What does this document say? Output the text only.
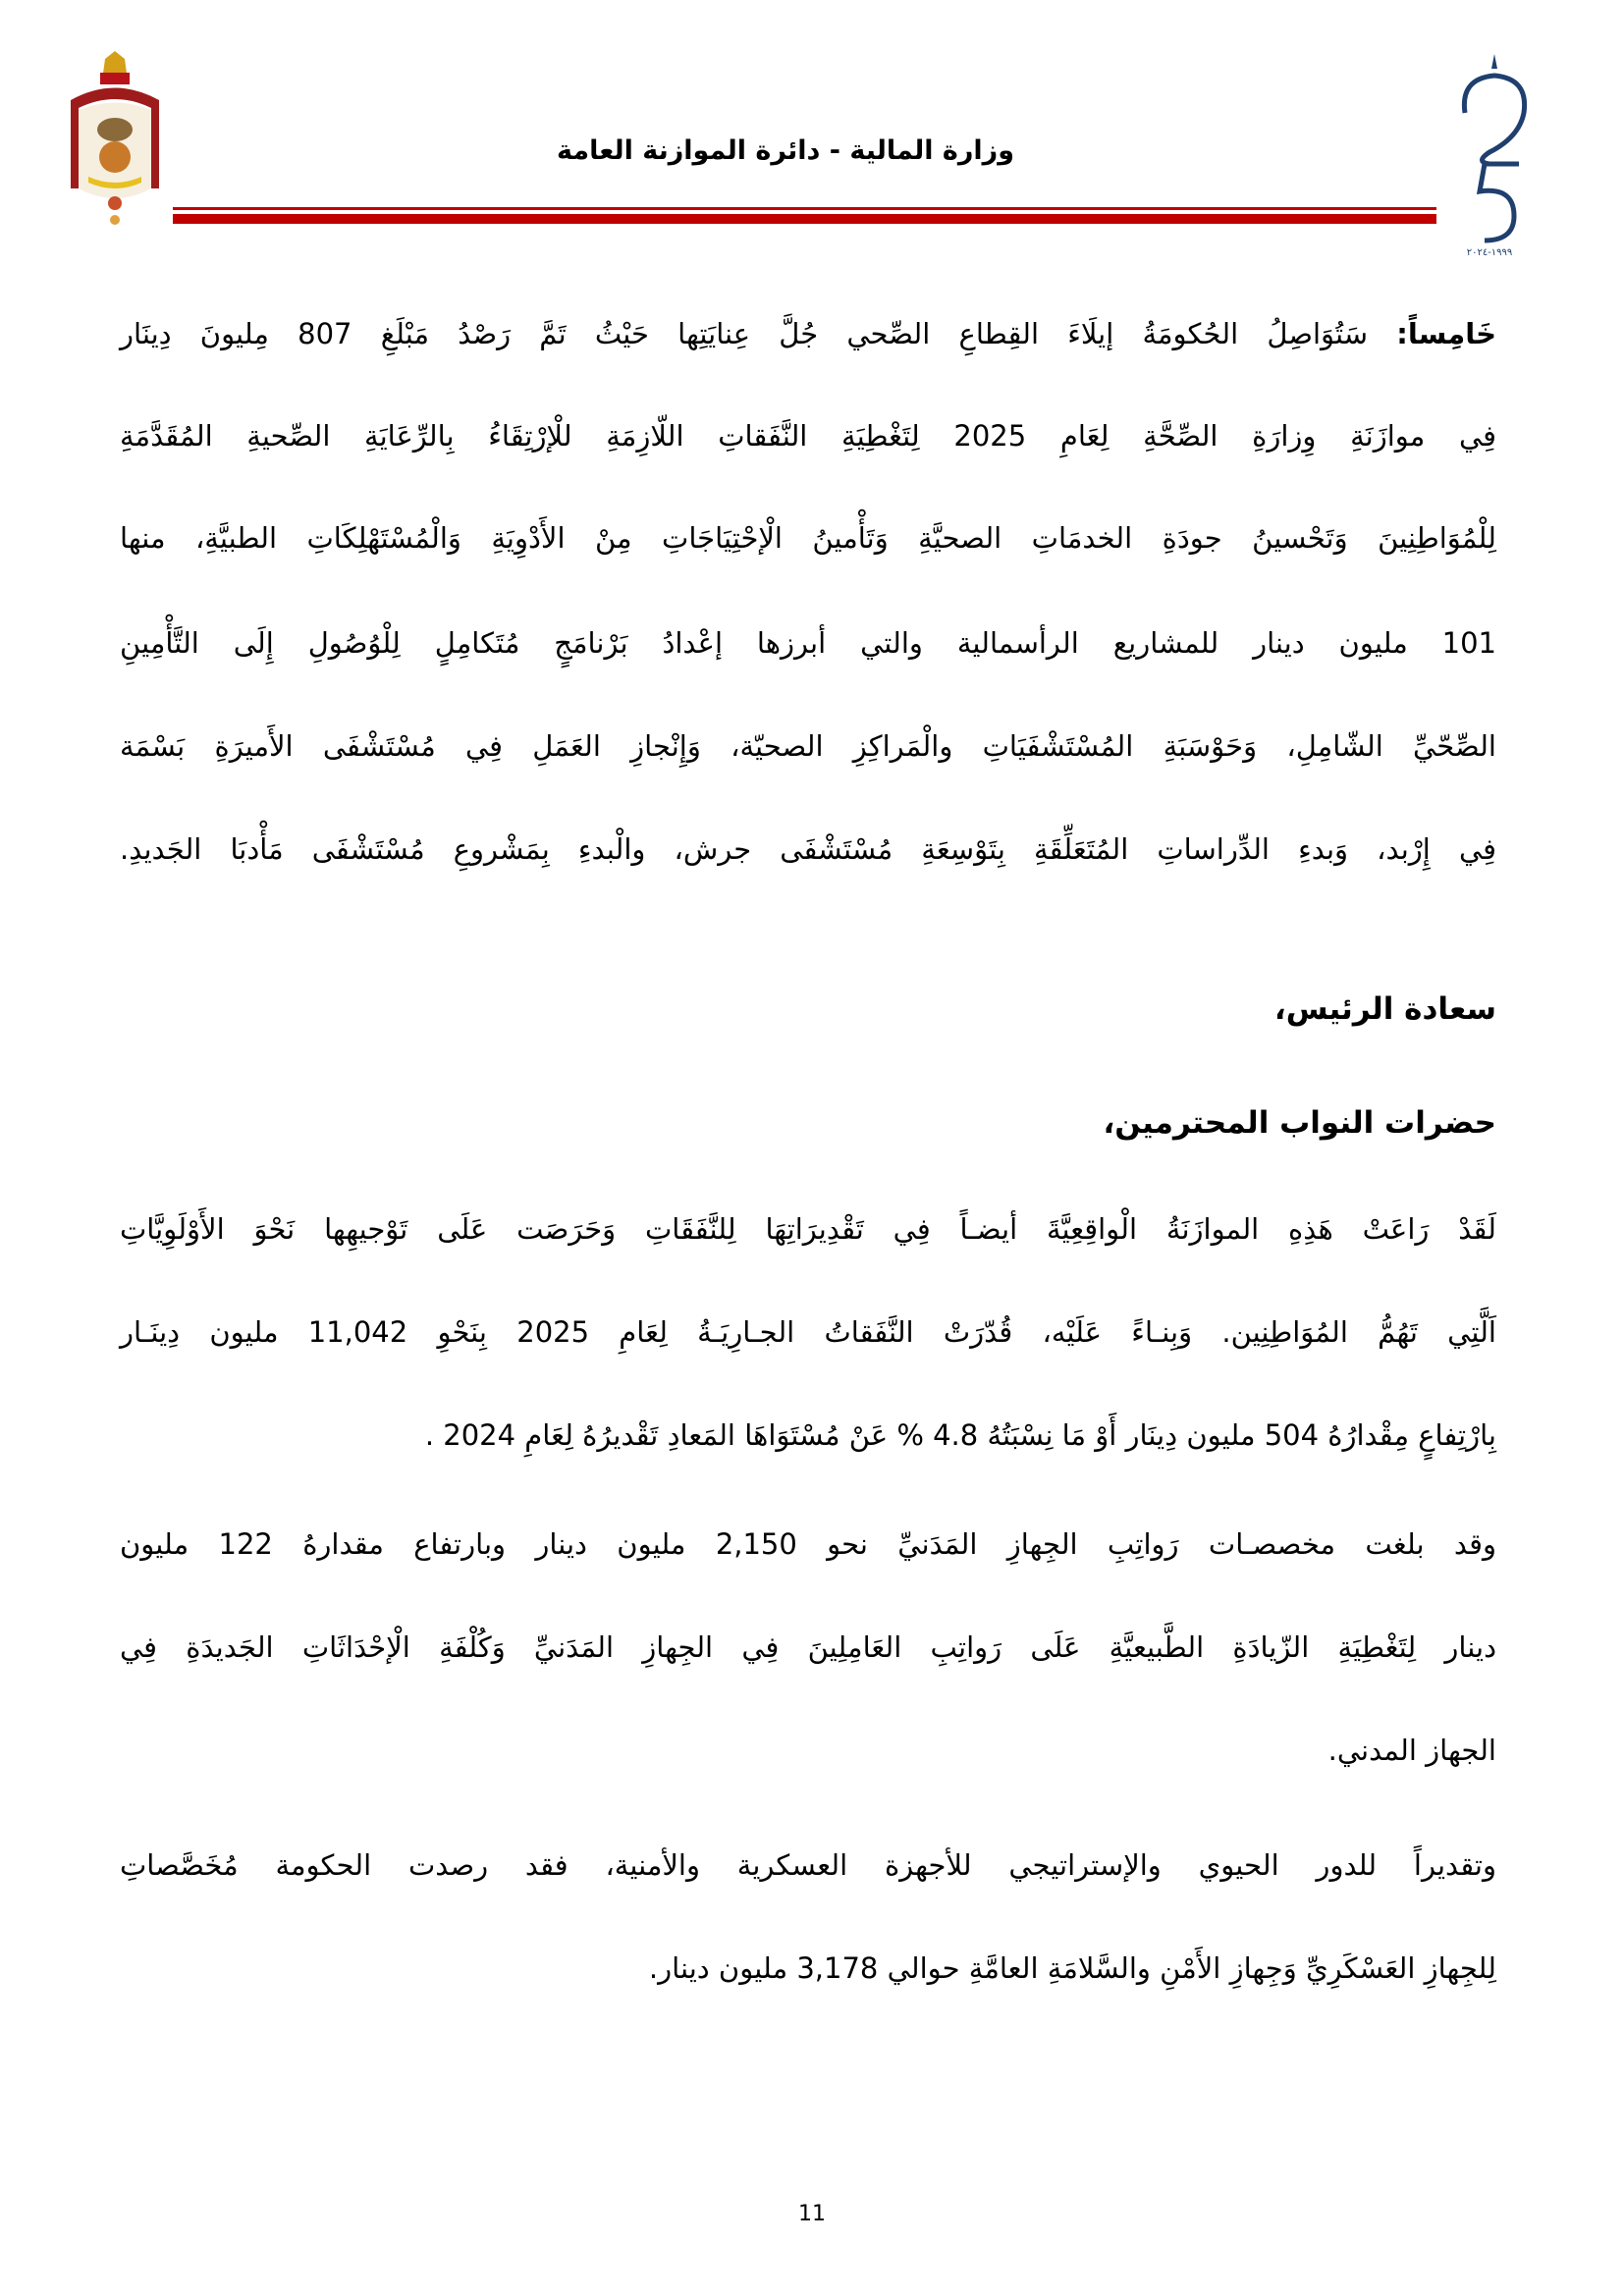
وزارة المالية - دائرة الموازنة العامة
١٩٩٩-٢٠٢٤
خَامِساً: سَتُوَاصِلُ الحُكومَةُ إيلَاءَ القِطاعِ الصِّحي جُلَّ عِنايَتِها حَيْثُ تَمَّ رَصْدُ مَبْلَغِ 807 مِليونَ دِينَار
فِي موازَنَةِ وِزارَةِ الصِّحَّةِ لِعَامِ 2025 لِتَغْطِيَةِ النَّفَقاتِ اللّازِمَةِ للْإرْتِقَاءُ بِالرِّعَايَةِ الصِّحيةِ المُقَدَّمَةِ
لِلْمُوَاطِنِينَ وَتَحْسينُ جودَةِ الخدمَاتِ الصحيَّةِ وَتَأْمينُ الْإحْتِيَاجَاتِ مِنْ الأَدْوِيَةِ وَالْمُسْتَهْلِكَاتِ الطبيَّةِ، منها
101 مليون دينار للمشاريع الرأسمالية والتي أبرزها إعْدادُ بَرْنامَجٍ مُتَكامِلٍ لِلْوُصُولِ إِلَى التَّأْمِينِ
الصِّحّيِّ الشّامِلِ، وَحَوْسَبَةِ المُسْتَشْفَيَاتِ والْمَراكِزِ الصحيّة، وَإِنْجازِ العَمَلِ فِي مُسْتَشْفَى الأَميرَةِ بَسْمَة
فِي إِرْبد، وَبدءِ الدِّراساتِ المُتَعَلِّقَةِ بِتَوْسِعَةِ مُسْتَشْفَى جرش، والْبدءِ بِمَشْروعِ مُسْتَشْفَى مَأْدبَا الجَديدِ.
سعادة الرئيس،
حضرات النواب المحترمين،
لَقَدْ رَاعَتْ هَذِهِ الموازَنَةُ الْواقِعِيَّةَ أيضـاً فِي تَقْدِيرَاتِهَا لِلنَّفَقَاتِ وَحَرَصَت عَلَى تَوْجيهِها نَحْوَ الأَوْلَوِيَّاتِ
اَلَّتِي تَهُمُّ المُوَاطِنِين. وَبِنـاءً عَلَيْه، قُدّرَتْ النَّفَقاتُ الجـارِيَـةُ لِعَامِ 2025 بِنَحْوِ 11,042 مليون دِينَـار
بِارْتِفاعٍ مِقْدارُهُ 504 مليون دِينَار أَوْ مَا نِسْبَتُهُ 4.8 % عَنْ مُسْتَوَاهَا المَعادِ تَقْديرُهُ لِعَامِ 2024 .
وقد بلغت مخصصـات رَواتِبِ الجِهازِ المَدَنيِّ نحو 2,150 مليون دينار وبارتفاع مقدارهُ 122 مليون
دينار لِتَغْطِيَةِ الزّيادَةِ الطَّبيعيَّةِ عَلَى رَواتِبِ العَامِلِينَ فِي الجِهازِ المَدَنيِّ وَكُلْفَةِ الْإحْدَاثَاتِ الجَديدَةِ فِي
الجهاز المدني.
وتقديراً للدور الحيوي والإستراتيجي للأجهزة العسكرية والأمنية، فقد رصدت الحكومة مُخَصَّصاتِ
لِلجِهازِ العَسْكَرِيِّ وَجِهازِ الأَمْنِ والسَّلامَةِ العامَّةِ حوالي 3,178 مليون دينار.
11
